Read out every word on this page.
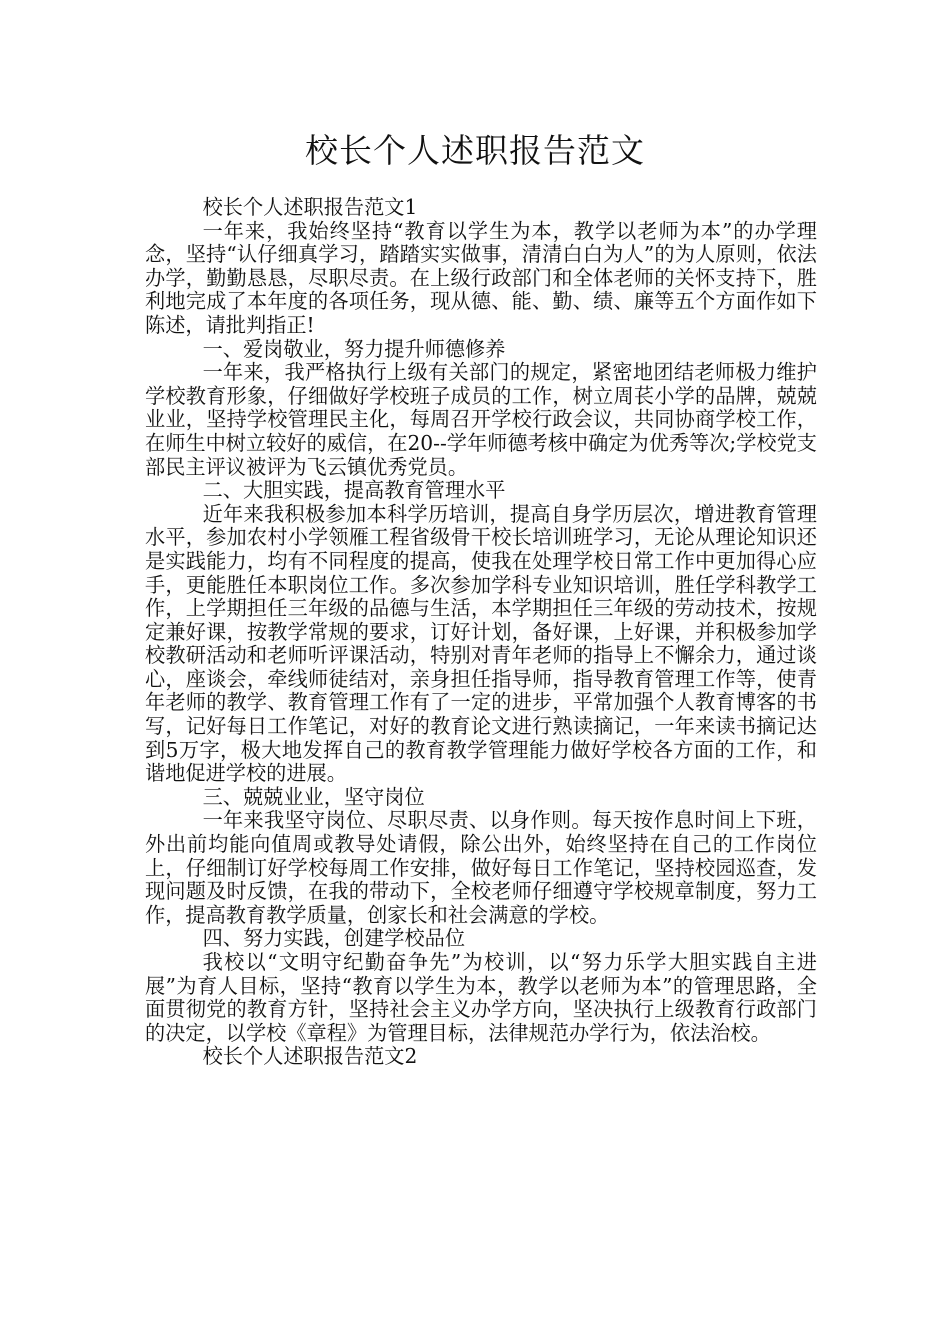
校长个人述职报告范文

校长个人述职报告范文1

一年来，我始终坚持“教育以学生为本，教学以老师为本”的办学理念，坚持“认仔细真学习，踏踏实实做事，清清白白为人”的为人原则，依法办学，勤勤恳恳，尽职尽责。在上级行政部门和全体老师的关怀支持下，胜利地完成了本年度的各项任务，现从德、能、勤、绩、廉等五个方面作如下陈述，请批判指正!

一、爱岗敬业，努力提升师德修养

一年来，我严格执行上级有关部门的规定，紧密地团结老师极力维护学校教育形象，仔细做好学校班子成员的工作，树立周苌小学的品牌，兢兢业业，坚持学校管理民主化，每周召开学校行政会议，共同协商学校工作，在师生中树立较好的威信，在20--学年师德考核中确定为优秀等次;学校党支部民主评议被评为飞云镇优秀党员。

二、大胆实践，提高教育管理水平

近年来我积极参加本科学历培训，提高自身学历层次，增进教育管理水平，参加农村小学领雁工程省级骨干校长培训班学习，无论从理论知识还是实践能力，均有不同程度的提高，使我在处理学校日常工作中更加得心应手，更能胜任本职岗位工作。多次参加学科专业知识培训，胜任学科教学工作，上学期担任三年级的品德与生活，本学期担任三年级的劳动技术，按规定兼好课，按教学常规的要求，订好计划，备好课，上好课，并积极参加学校教研活动和老师听评课活动，特别对青年老师的指导上不懈余力，通过谈心，座谈会，牵线师徒结对，亲身担任指导师，指导教育管理工作等，使青年老师的教学、教育管理工作有了一定的进步，平常加强个人教育博客的书写，记好每日工作笔记，对好的教育论文进行熟读摘记，一年来读书摘记达到5万字，极大地发挥自己的教育教学管理能力做好学校各方面的工作，和谐地促进学校的进展。

三、兢兢业业，坚守岗位

一年来我坚守岗位、尽职尽责、以身作则。每天按作息时间上下班，外出前均能向值周或教导处请假，除公出外，始终坚持在自己的工作岗位上，仔细制订好学校每周工作安排，做好每日工作笔记，坚持校园巡查，发现问题及时反馈，在我的带动下，全校老师仔细遵守学校规章制度，努力工作，提高教育教学质量，创家长和社会满意的学校。

四、努力实践，创建学校品位

我校以“文明守纪勤奋争先”为校训，以“努力乐学大胆实践自主进展”为育人目标，坚持“教育以学生为本，教学以老师为本”的管理思路，全面贯彻党的教育方针，坚持社会主义办学方向，坚决执行上级教育行政部门的决定，以学校《章程》为管理目标，法律规范办学行为，依法治校。

校长个人述职报告范文2
